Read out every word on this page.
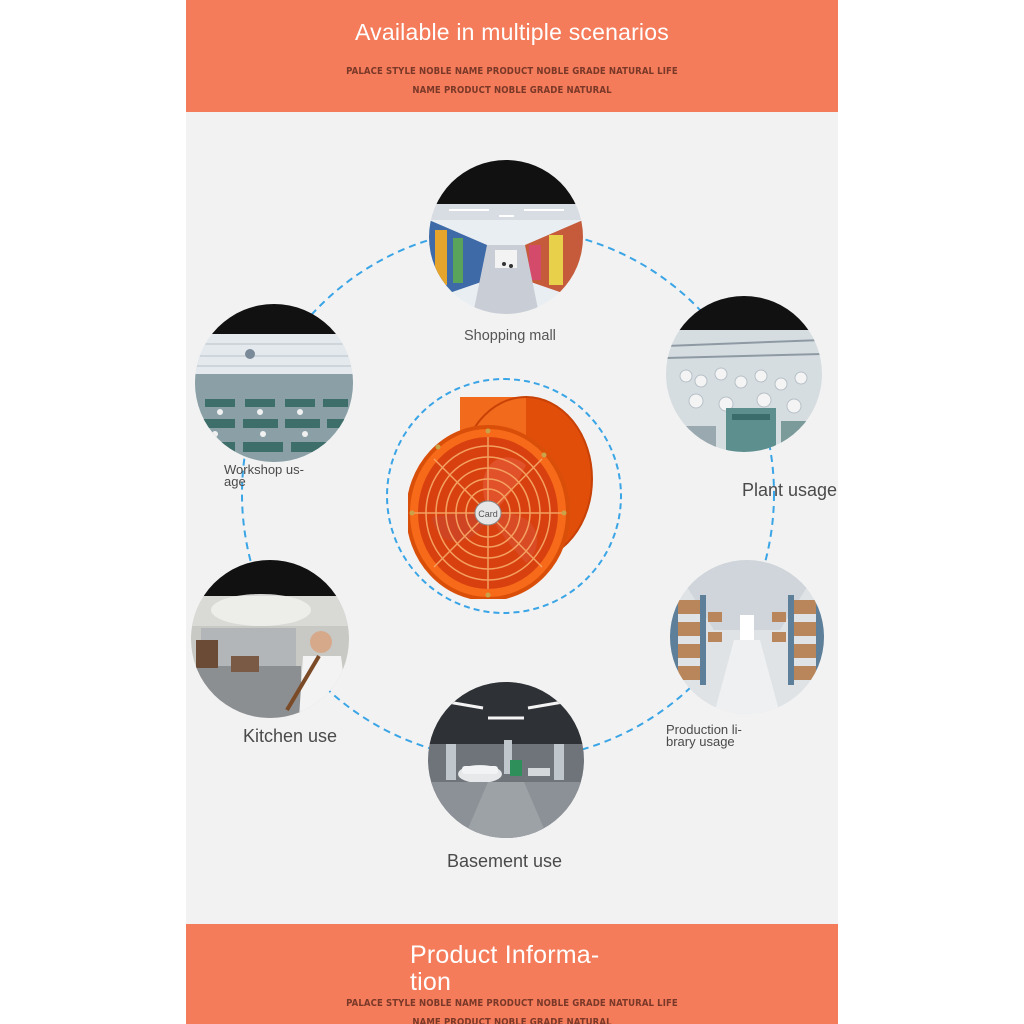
Available in multiple scenarios
PALACE STYLE NOBLE NAME PRODUCT NOBLE GRADE NATURAL LIFE
NAME PRODUCT NOBLE GRADE NATURAL
Shopping mall
Workshop us-
age	Plant usage
Production li-
brary usage
Basement use
Kitchen use
Card
Product Informa-
tion
PALACE STYLE NOBLE NAME PRODUCT NOBLE GRADE NATURAL LIFE
NAME PRODUCT NOBLE GRADE NATURAL
